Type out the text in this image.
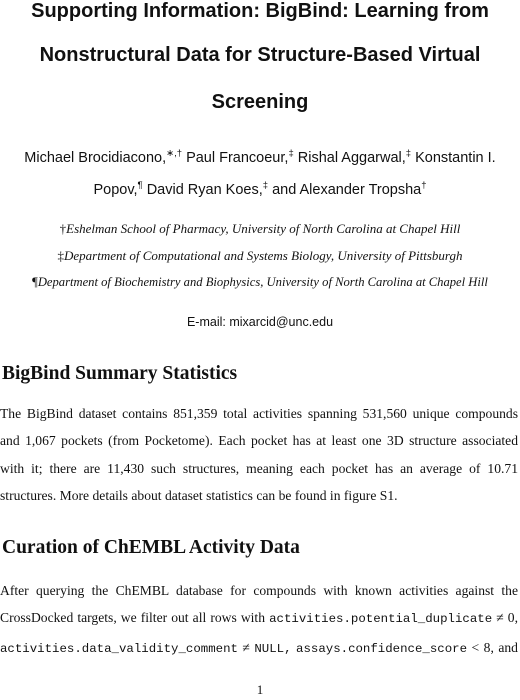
Supporting Information: BigBind: Learning from
Nonstructural Data for Structure-Based Virtual
Screening
Michael Brocidiacono,∗,† Paul Francoeur,‡ Rishal Aggarwal,‡ Konstantin I.
Popov,¶ David Ryan Koes,‡ and Alexander Tropsha†
†Eshelman School of Pharmacy, University of North Carolina at Chapel Hill
‡Department of Computational and Systems Biology, University of Pittsburgh
¶Department of Biochemistry and Biophysics, University of North Carolina at Chapel Hill
E-mail: mixarcid@unc.edu
BigBind Summary Statistics

The BigBind dataset contains 851,359 total activities spanning 531,560 unique compounds
and 1,067 pockets (from Pocketome). Each pocket has at least one 3D structure associated
with it; there are 11,430 such structures, meaning each pocket has an average of 10.71
structures. More details about dataset statistics can be found in figure S1.

Curation of ChEMBL Activity Data

After querying the ChEMBL database for compounds with known activities against the
CrossDocked targets, we filter out all rows with activities.potential_duplicate ≠ 0,
activities.data_validity_comment ≠ NULL, assays.confidence_score < 8, and

1
